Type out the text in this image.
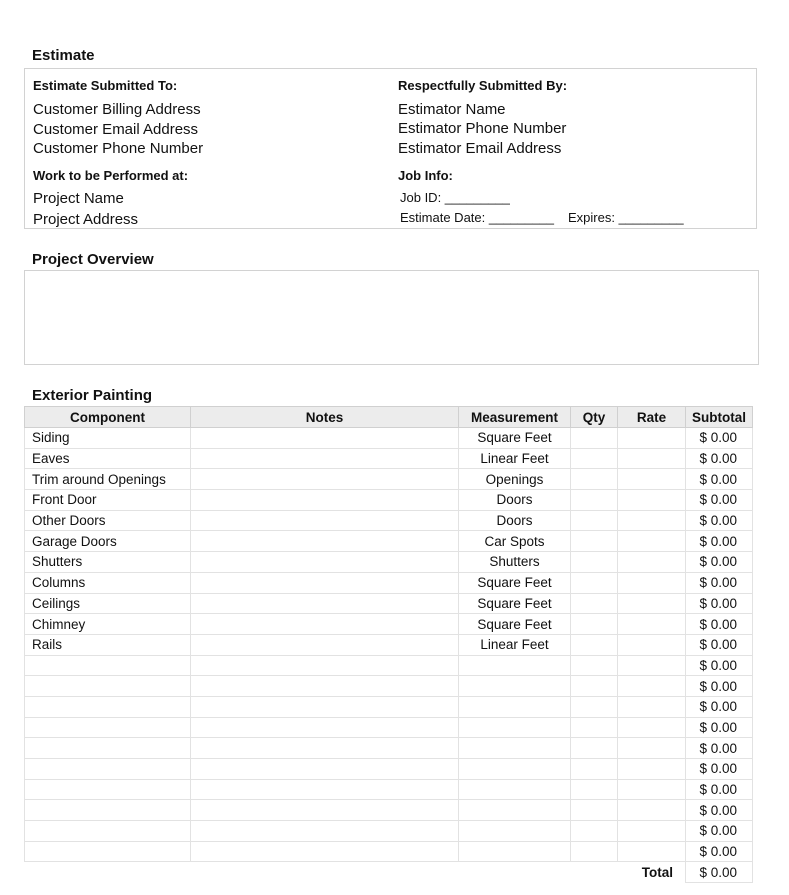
Estimate
Estimate Submitted To:
Customer Billing Address
Customer Email Address
Customer Phone Number
Work to be Performed at:
Project Name
Project Address
Respectfully Submitted By:
Estimator Name
Estimator Phone Number
Estimator Email Address
Job Info:
Job ID: _________
Estimate Date: _________ Expires: _________
Project Overview
Exterior Painting
Component	Notes	Measurement	Qty	Rate	Subtotal
Siding		Square Feet			$ 0.00
Eaves		Linear Feet			$ 0.00
Trim around Openings		Openings			$ 0.00
Front Door		Doors			$ 0.00
Other Doors		Doors			$ 0.00
Garage Doors		Car Spots			$ 0.00
Shutters		Shutters			$ 0.00
Columns		Square Feet			$ 0.00
Ceilings		Square Feet			$ 0.00
Chimney		Square Feet			$ 0.00
Rails		Linear Feet			$ 0.00
					$ 0.00
					$ 0.00
					$ 0.00
					$ 0.00
					$ 0.00
					$ 0.00
					$ 0.00
					$ 0.00
					$ 0.00
					$ 0.00
				Total	$ 0.00
